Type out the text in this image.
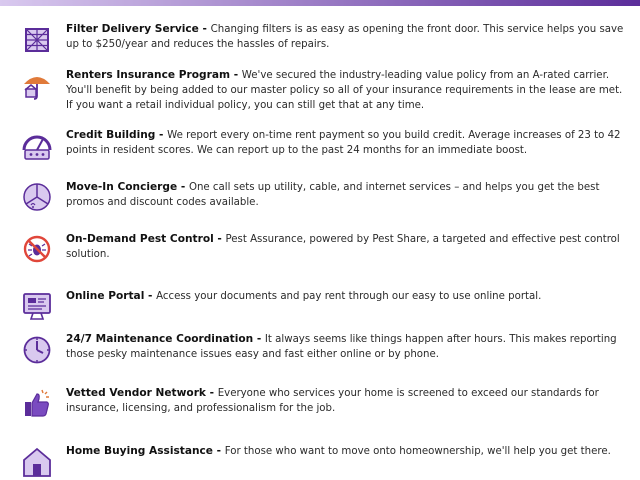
Filter Delivery Service - Changing filters is as easy as opening the front door. This service helps you save up to $250/year and reduces the hassles of repairs.
Renters Insurance Program - We've secured the industry-leading value policy from an A-rated carrier. You'll benefit by being added to our master policy so all of your insurance requirements in the lease are met. If you want a retail individual policy, you can still get that at any time.
Credit Building - We report every on-time rent payment so you build credit. Average increases of 23 to 42 points in resident scores. We can report up to the past 24 months for an immediate boost.
Move-In Concierge - One call sets up utility, cable, and internet services – and helps you get the best promos and discount codes available.
On-Demand Pest Control - Pest Assurance, powered by Pest Share, a targeted and effective pest control solution.
Online Portal - Access your documents and pay rent through our easy to use online portal.
24/7 Maintenance Coordination - It always seems like things happen after hours. This makes reporting those pesky maintenance issues easy and fast either online or by phone.
Vetted Vendor Network - Everyone who services your home is screened to exceed our standards for insurance, licensing, and professionalism for the job.
Home Buying Assistance - For those who want to move onto homeownership, we'll help you get there.
